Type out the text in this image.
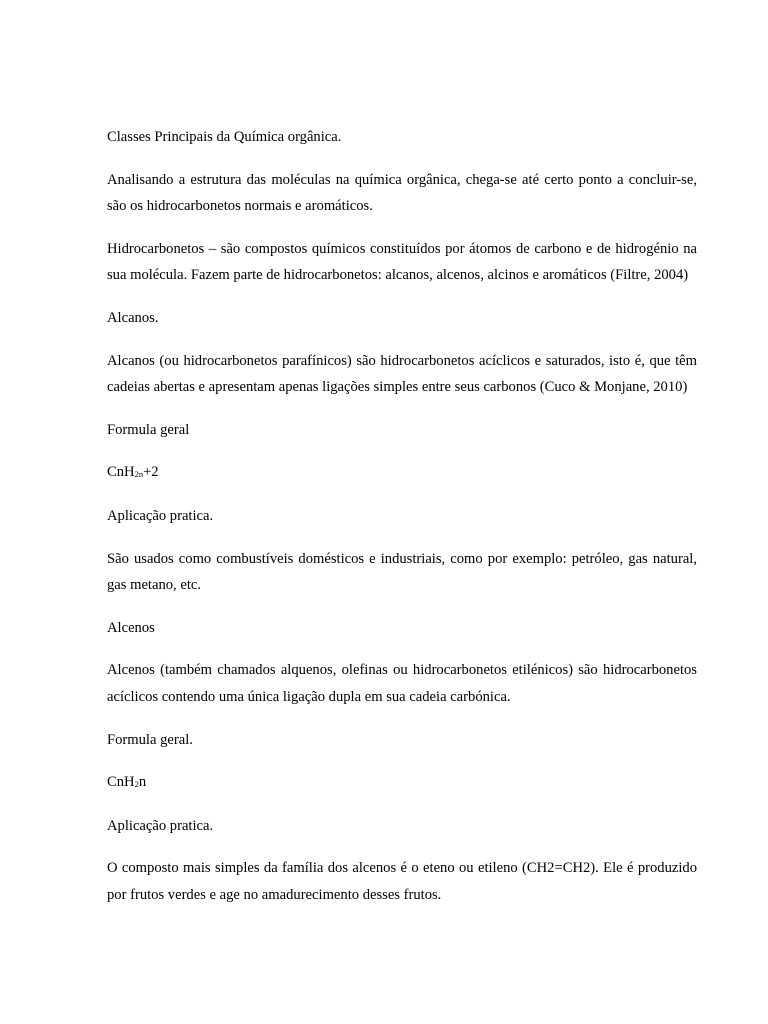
Classes Principais da Química orgânica.

Analisando a estrutura das moléculas na química orgânica, chega-se até certo ponto a concluir-se, são os hidrocarbonetos normais e aromáticos.

Hidrocarbonetos – são compostos químicos constituídos por átomos de carbono e de hidrogénio na sua molécula. Fazem parte de hidrocarbonetos: alcanos, alcenos, alcinos e aromáticos (Filtre, 2004)

Alcanos.

Alcanos (ou hidrocarbonetos parafínicos) são hidrocarbonetos acíclicos e saturados, isto é, que têm cadeias abertas e apresentam apenas ligações simples entre seus carbonos (Cuco & Monjane, 2010)

Formula geral

CnH$_{2n}$+2

Aplicação pratica.

São usados como combustíveis domésticos e industriais, como por exemplo: petróleo, gas natural, gas metano, etc.

Alcenos

Alcenos (também chamados alquenos, olefinas ou hidrocarbonetos etilénicos) são hidrocarbonetos acíclicos contendo uma única ligação dupla em sua cadeia carbónica.

Formula geral.

CnH$_2$n

Aplicação pratica.

O composto mais simples da família dos alcenos é o eteno ou etileno (CH2=CH2). Ele é produzido por frutos verdes e age no amadurecimento desses frutos.
